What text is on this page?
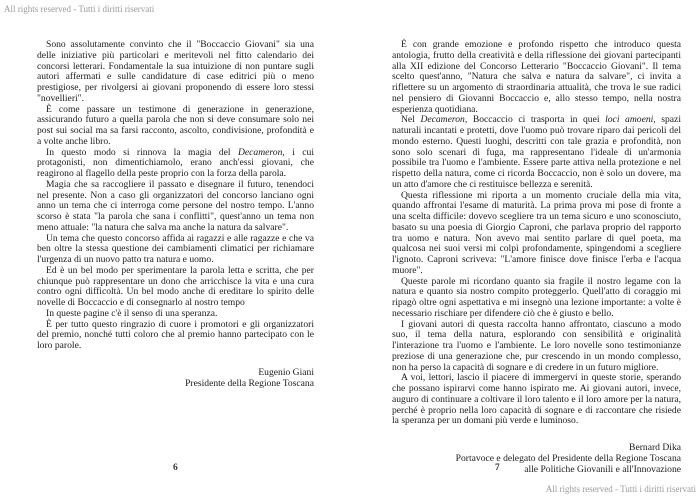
All rights reserved - Tutti i diritti riservati

Sono assolutamente convinto che il "Boccaccio Giovani" sia una delle iniziative più particolari e meritevoli nel fitto calendario dei concorsi letterari. Fondamentale la sua intuizione di non puntare sugli autori affermati e sulle candidature di case editrici più o meno prestigiose, per rivolgersi ai giovani proponendo di essere loro stessi "novellieri".

È come passare un testimone di generazione in generazione, assicurando futuro a quella parola che non si deve consumare solo nei post sui social ma sa farsi racconto, ascolto, condivisione, profondità e a volte anche libro.

In questo modo si rinnova la magia del Decameron, i cui protagonisti, non dimentichiamolo, erano anch'essi giovani, che reagirono al flagello della peste proprio con la forza della parola.

Magia che sa raccogliere il passato e disegnare il futuro, tenendoci nel presente. Non a caso gli organizzatori del concorso lanciano ogni anno un tema che ci interroga come persone del nostro tempo. L'anno scorso è stata "la parola che sana i conflitti", quest'anno un tema non meno attuale: "la natura che salva ma anche la natura da salvare".

Un tema che questo concorso affida ai ragazzi e alle ragazze e che va ben oltre la stessa questione dei cambiamenti climatici per richiamare l'urgenza di un nuovo patto tra natura e uomo.

Ed è un bel modo per sperimentare la parola letta e scritta, che per chiunque può rappresentare un dono che arricchisce la vita e una cura contro ogni difficoltà. Un bel modo anche di ereditare lo spirito delle novelle di Boccaccio e di consegnarlo al nostro tempo

In queste pagine c'è il senso di una speranza.

È per tutto questo ringrazio di cuore i promotori e gli organizzatori del premio, nonché tutti coloro che al premio hanno partecipato con le loro parole.

Eugenio Giani
Presidente della Regione Toscana

È con grande emozione e profondo rispetto che introduco questa antologia, frutto della creatività e della riflessione dei giovani partecipanti alla XII edizione del Concorso Letterario "Boccaccio Giovani". Il tema scelto quest'anno, "Natura che salva e natura da salvare", ci invita a riflettere su un argomento di straordinaria attualità, che trova le sue radici nel pensiero di Giovanni Boccaccio e, allo stesso tempo, nella nostra esperienza quotidiana.

Nel Decameron, Boccaccio ci trasporta in quei loci amoeni, spazi naturali incantati e protetti, dove l'uomo può trovare riparo dai pericoli del mondo esterno. Questi luoghi, descritti con tale grazia e profondità, non sono solo scenari di fuga, ma rappresentano l'ideale di un'armonia possibile tra l'uomo e l'ambiente. Essere parte attiva nella protezione e nel rispetto della natura, come ci ricorda Boccaccio, non è solo un dovere, ma un atto d'amore che ci restituisce bellezza e serenità.

Questa riflessione mi riporta a un momento cruciale della mia vita, quando affrontai l'esame di maturità. La prima prova mi pose di fronte a una scelta difficile: dovevo scegliere tra un tema sicuro e uno sconosciuto, basato su una poesia di Giorgio Caproni, che parlava proprio del rapporto tra uomo e natura. Non avevo mai sentito parlare di quel poeta, ma qualcosa nei suoi versi mi colpì profondamente, spingendomi a scegliere l'ignoto. Caproni scriveva: "L'amore finisce dove finisce l'erba e l'acqua muore".

Queste parole mi ricordano quanto sia fragile il nostro legame con la natura e quanto sia nostro compito proteggerlo. Quell'atto di coraggio mi ripagò oltre ogni aspettativa e mi insegnò una lezione importante: a volte è necessario rischiare per difendere ciò che è giusto e bello.

I giovani autori di questa raccolta hanno affrontato, ciascuno a modo suo, il tema della natura, esplorando con sensibilità e originalità l'interazione tra l'uomo e l'ambiente. Le loro novelle sono testimonianze preziose di una generazione che, pur crescendo in un mondo complesso, non ha perso la capacità di sognare e di credere in un futuro migliore.

A voi, lettori, lascio il piacere di immergervi in queste storie, sperando che possano ispirarvi come hanno ispirato me. Ai giovani autori, invece, auguro di continuare a coltivare il loro talento e il loro amore per la natura, perché è proprio nella loro capacità di sognare e di raccontare che risiede la speranza per un domani più verde e luminoso.

Bernard Dika
Portavoce e delegato del Presidente della Regione Toscana
alle Politiche Giovanili e all'Innovazione
6	7
All rights reserved - Tutti i diritti riservati
